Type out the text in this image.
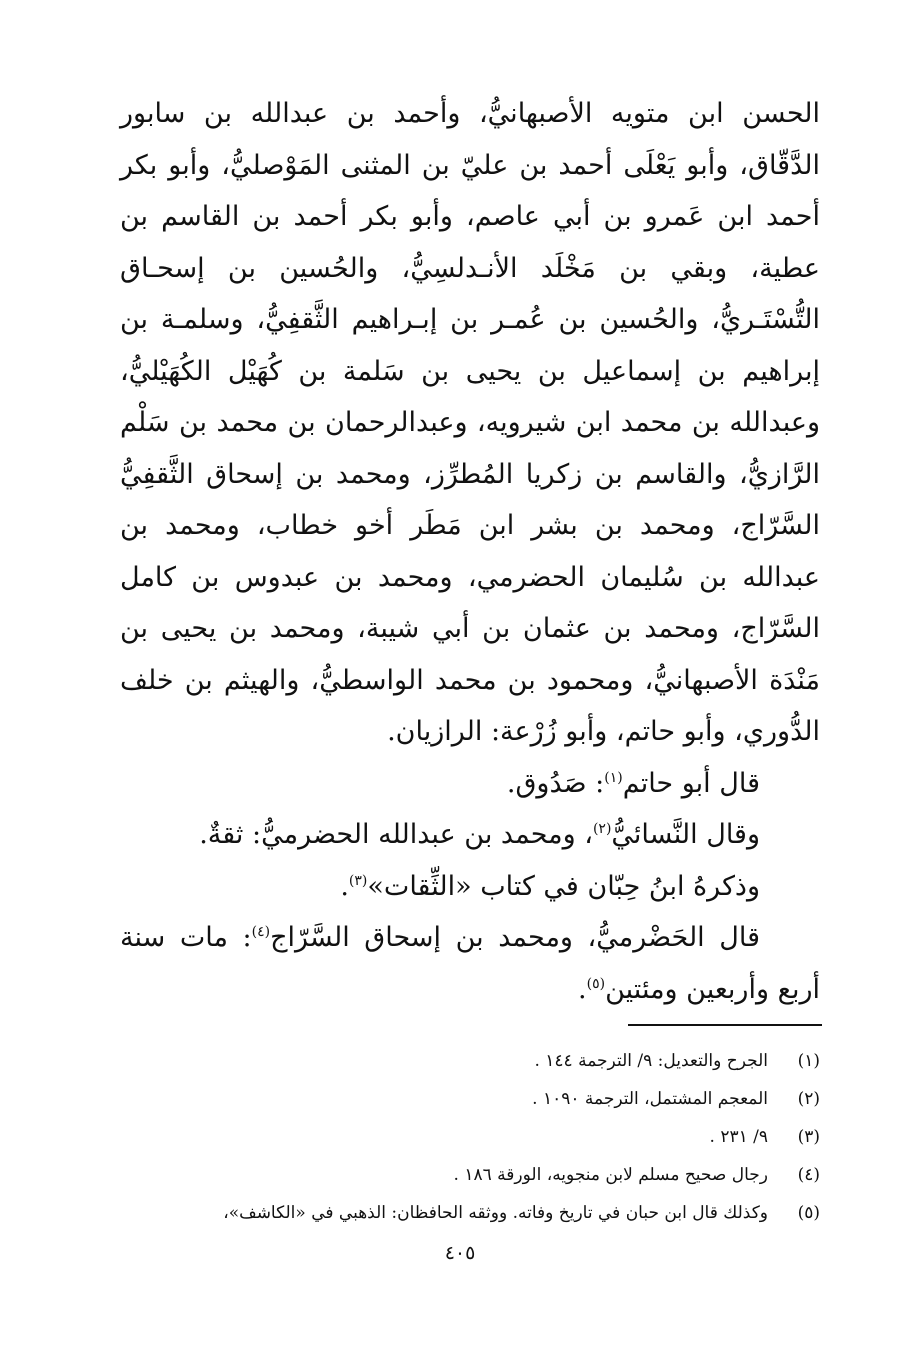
الحسن ابن متويه الأصبهانيُّ، وأحمد بن عبدالله بن سابور الدَّقّاق، وأبو يَعْلَى أحمد بن عليّ بن المثنى المَوْصليُّ، وأبو بكر أحمد ابن عَمرو بن أبي عاصم، وأبو بكر أحمد بن القاسم بن عطية، وبقي بن مَخْلَد الأنـدلسِيُّ، والحُسين بن إسحـاق التُّسْتَـريُّ، والحُسين بن عُمـر بن إبـراهيم الثَّقفِيُّ، وسلمـة بن إبراهيم بن إسماعيل بن يحيى بن سَلمة بن كُهَيْل الكُهَيْليُّ، وعبدالله بن محمد ابن شيرويه، وعبدالرحمان بن محمد بن سَلْم الرَّازيُّ، والقاسم بن زكريا المُطرِّز، ومحمد بن إسحاق الثَّقفِيُّ السَّرّاج، ومحمد بن بشر ابن مَطَر أخو خطاب، ومحمد بن عبدالله بن سُليمان الحضرمي، ومحمد بن عبدوس بن كامل السَّرّاج، ومحمد بن عثمان بن أبي شيبة، ومحمد بن يحيى بن مَنْدَة الأصبهانيُّ، ومحمود بن محمد الواسطيُّ، والهيثم بن خلف الدُّوري، وأبو حاتم، وأبو زُرْعة: الرازيان.

قال أبو حاتم$^{(١)}$: صَدُوق.

وقال النَّسائيُّ$^{(٢)}$، ومحمد بن عبدالله الحضرميُّ: ثقةٌ.

وذكرهُ ابنُ حِبّان في كتاب «الثِّقات»$^{(٣)}$.

قال الحَضْرميُّ، ومحمد بن إسحاق السَّرّاج$^{(٤)}$: مات سنة أربع وأربعين ومئتين$^{(٥)}$.

(١)
الجرح والتعديل: ٩/ الترجمة ١٤٤ .
(٢)
المعجم المشتمل، الترجمة ١٠٩٠ .
(٣)
٩/ ٢٣١ .
(٤)
رجال صحيح مسلم لابن منجويه، الورقة ١٨٦ .
(٥)
وكذلك قال ابن حبان في تاريخ وفاته. ووثقه الحافظان: الذهبي في «الكاشف»،
٤٠٥
